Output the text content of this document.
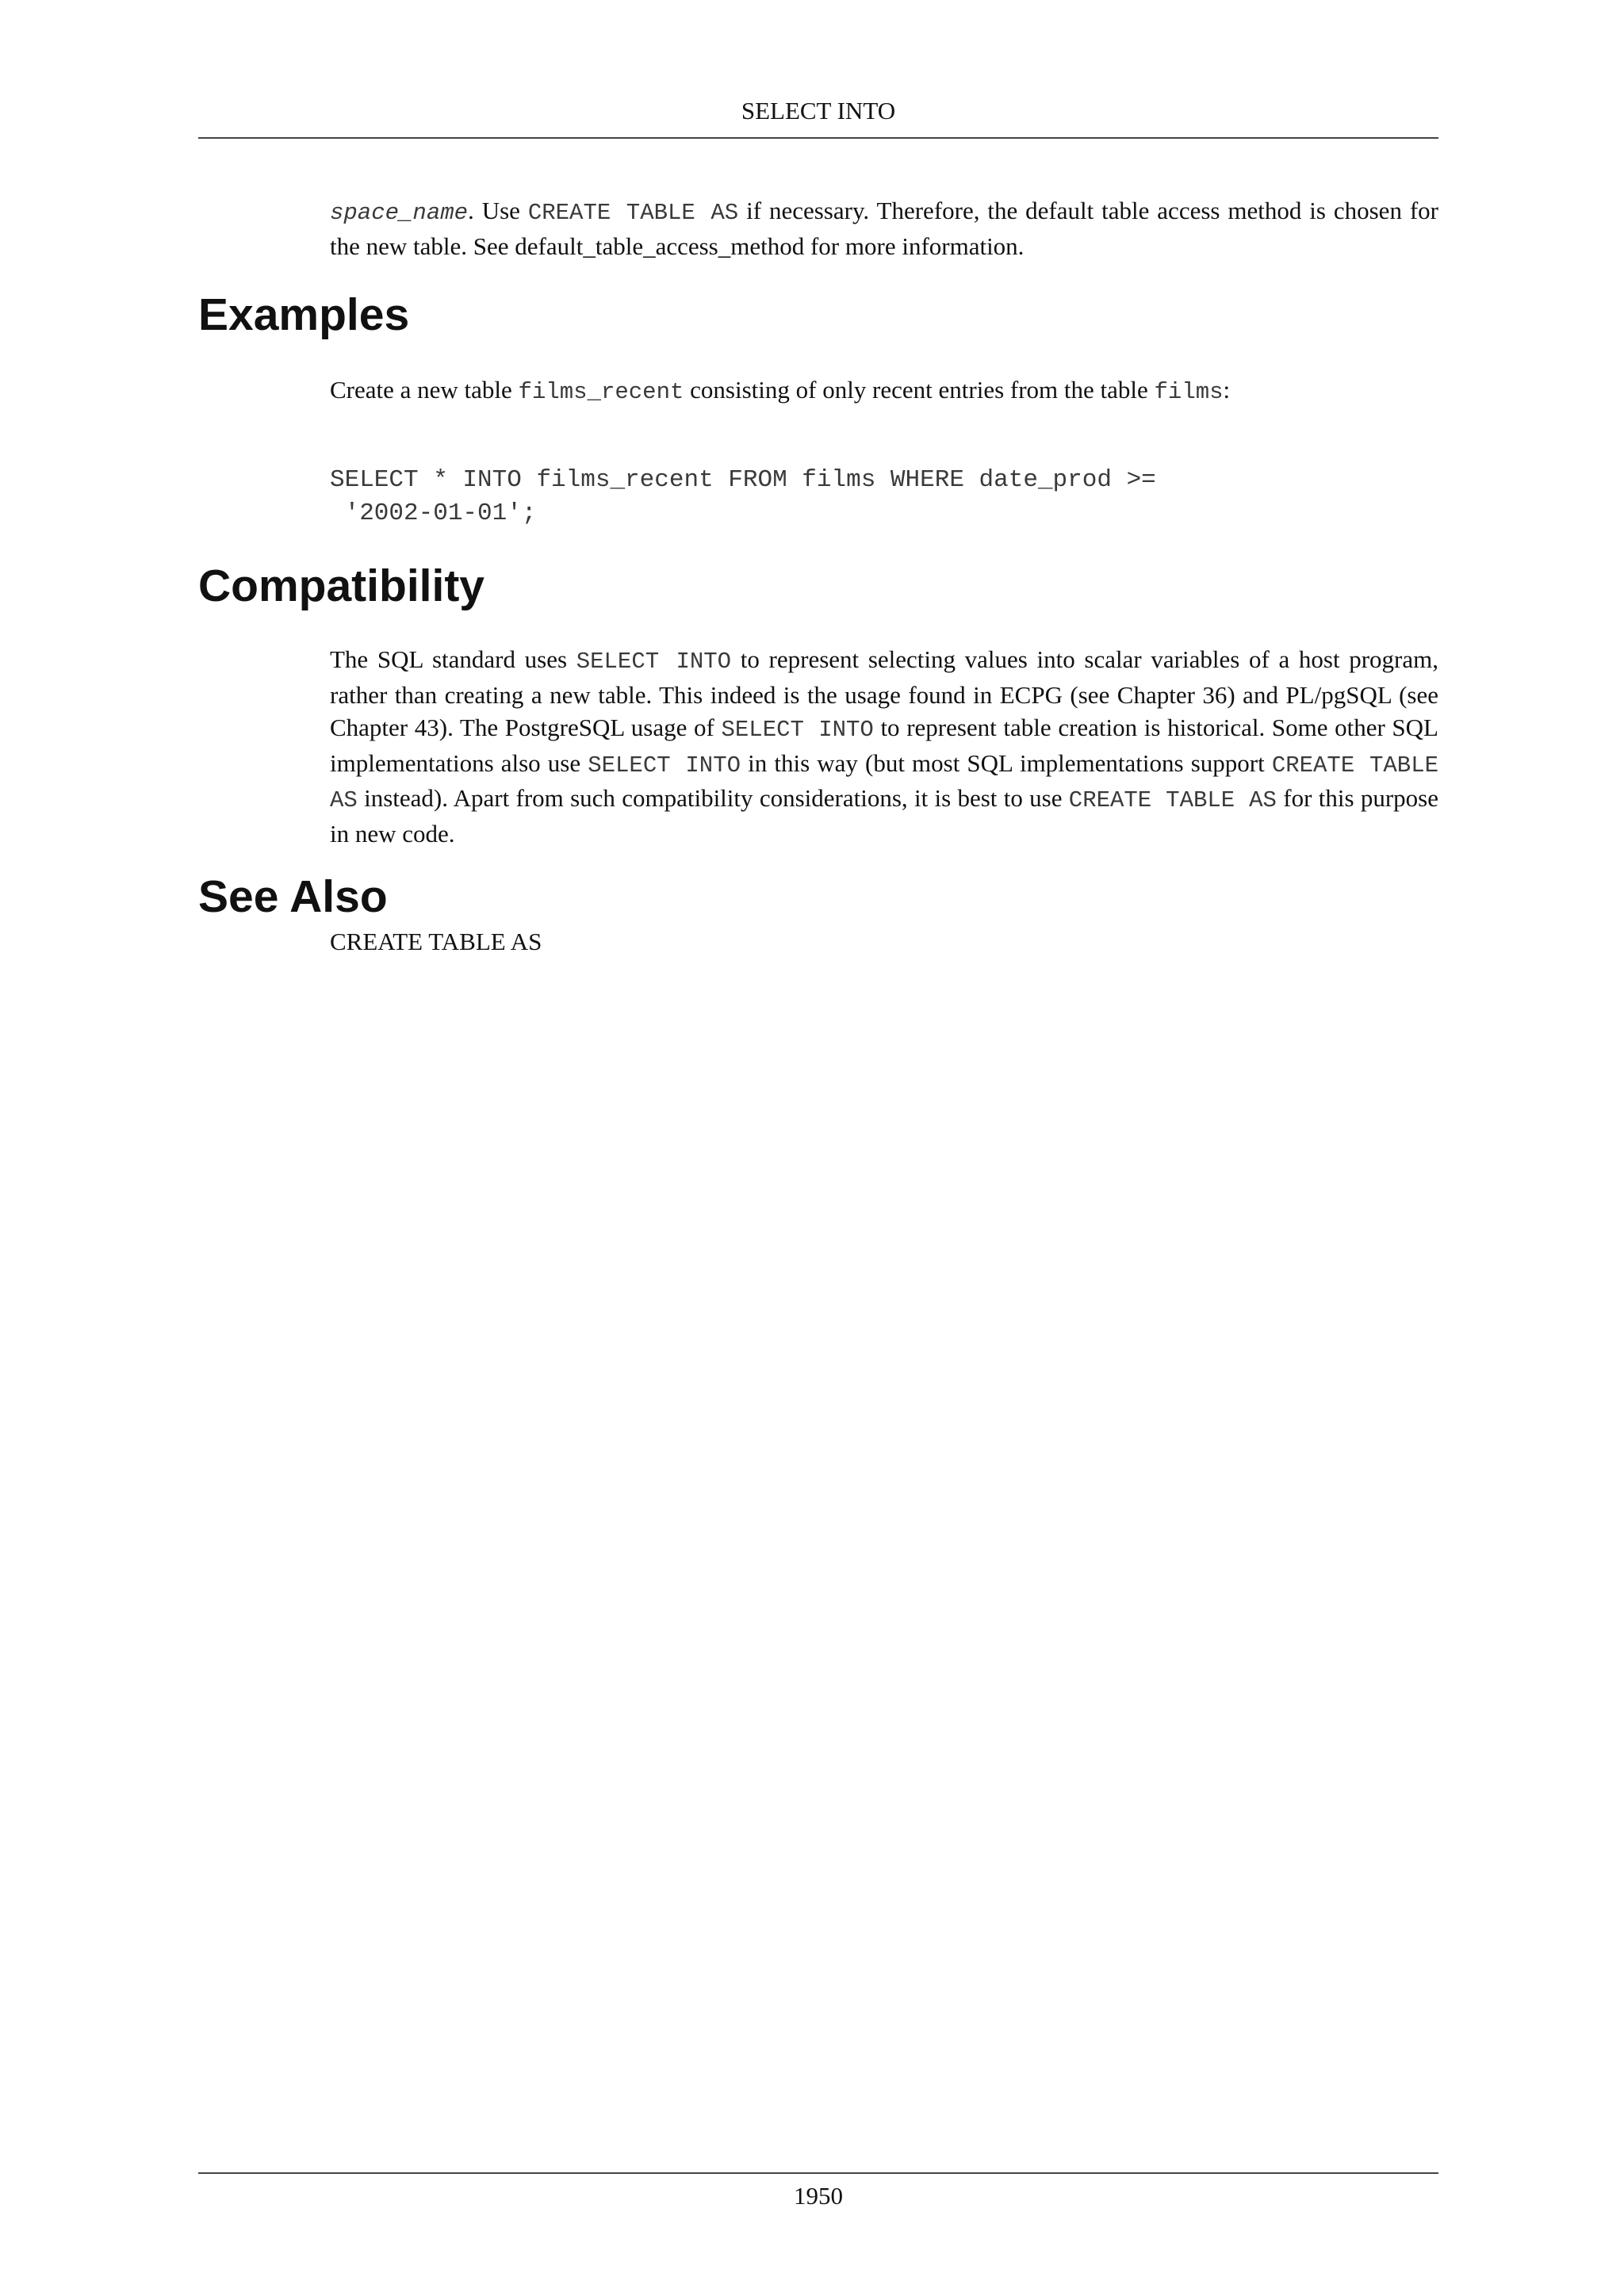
SELECT INTO

space_name. Use CREATE TABLE AS if necessary. Therefore, the default table access method is chosen for the new table. See default_table_access_method for more information.

Examples

Create a new table films_recent consisting of only recent entries from the table films:

SELECT * INTO films_recent FROM films WHERE date_prod >=
'2002-01-01';
Compatibility

The SQL standard uses SELECT INTO to represent selecting values into scalar variables of a host program, rather than creating a new table. This indeed is the usage found in ECPG (see Chapter 36) and PL/pgSQL (see Chapter 43). The PostgreSQL usage of SELECT INTO to represent table creation is historical. Some other SQL implementations also use SELECT INTO in this way (but most SQL implementations support CREATE TABLE AS instead). Apart from such compatibility considerations, it is best to use CREATE TABLE AS for this purpose in new code.

See Also

CREATE TABLE AS

1950
